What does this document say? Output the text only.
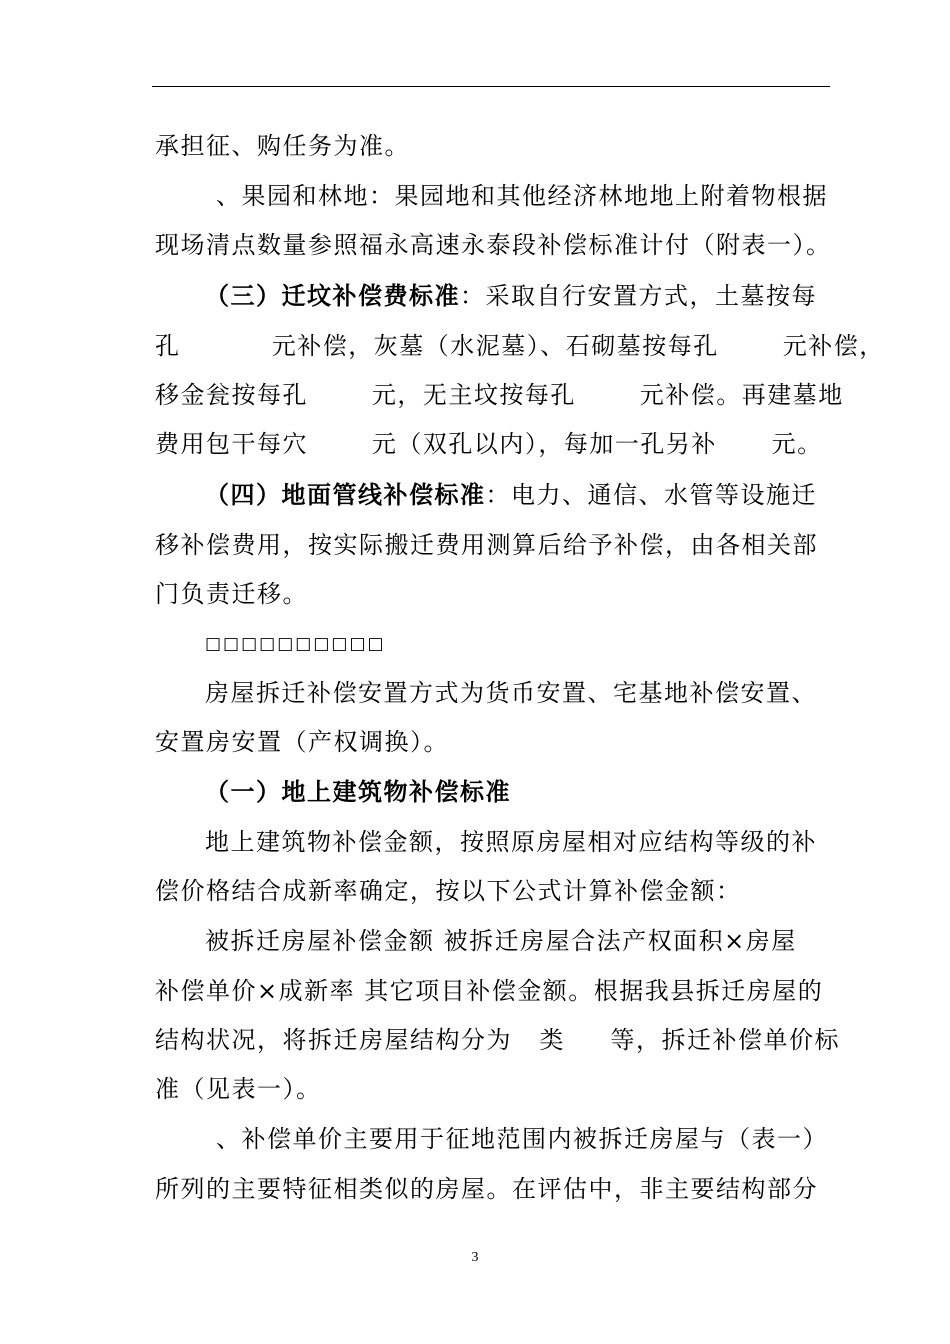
承担征、购任务为准。
、果园和林地：果园地和其他经济林地地上附着物根据
现场清点数量参照福永高速永泰段补偿标准计付（附表一）。
（三）迁坟补偿费标准：采取自行安置方式，土墓按每
孔          元补偿，灰墓（水泥墓）、石砌墓按每孔       元补偿，
移金瓮按每孔       元，无主坟按每孔       元补偿。再建墓地
费用包干每穴       元（双孔以内），每加一孔另补      元。
（四）地面管线补偿标准：电力、通信、水管等设施迁
移补偿费用，按实际搬迁费用测算后给予补偿，由各相关部
门负责迁移。
□□□□□□□□□□
房屋拆迁补偿安置方式为货币安置、宅基地补偿安置、
安置房安置（产权调换）。
（一）地上建筑物补偿标准
地上建筑物补偿金额，按照原房屋相对应结构等级的补
偿价格结合成新率确定，按以下公式计算补偿金额：
被拆迁房屋补偿金额 被拆迁房屋合法产权面积×房屋
补偿单价×成新率 其它项目补偿金额。根据我县拆迁房屋的
结构状况，将拆迁房屋结构分为   类     等，拆迁补偿单价标
准（见表一）。
、补偿单价主要用于征地范围内被拆迁房屋与（表一）
所列的主要特征相类似的房屋。在评估中，非主要结构部分
3
